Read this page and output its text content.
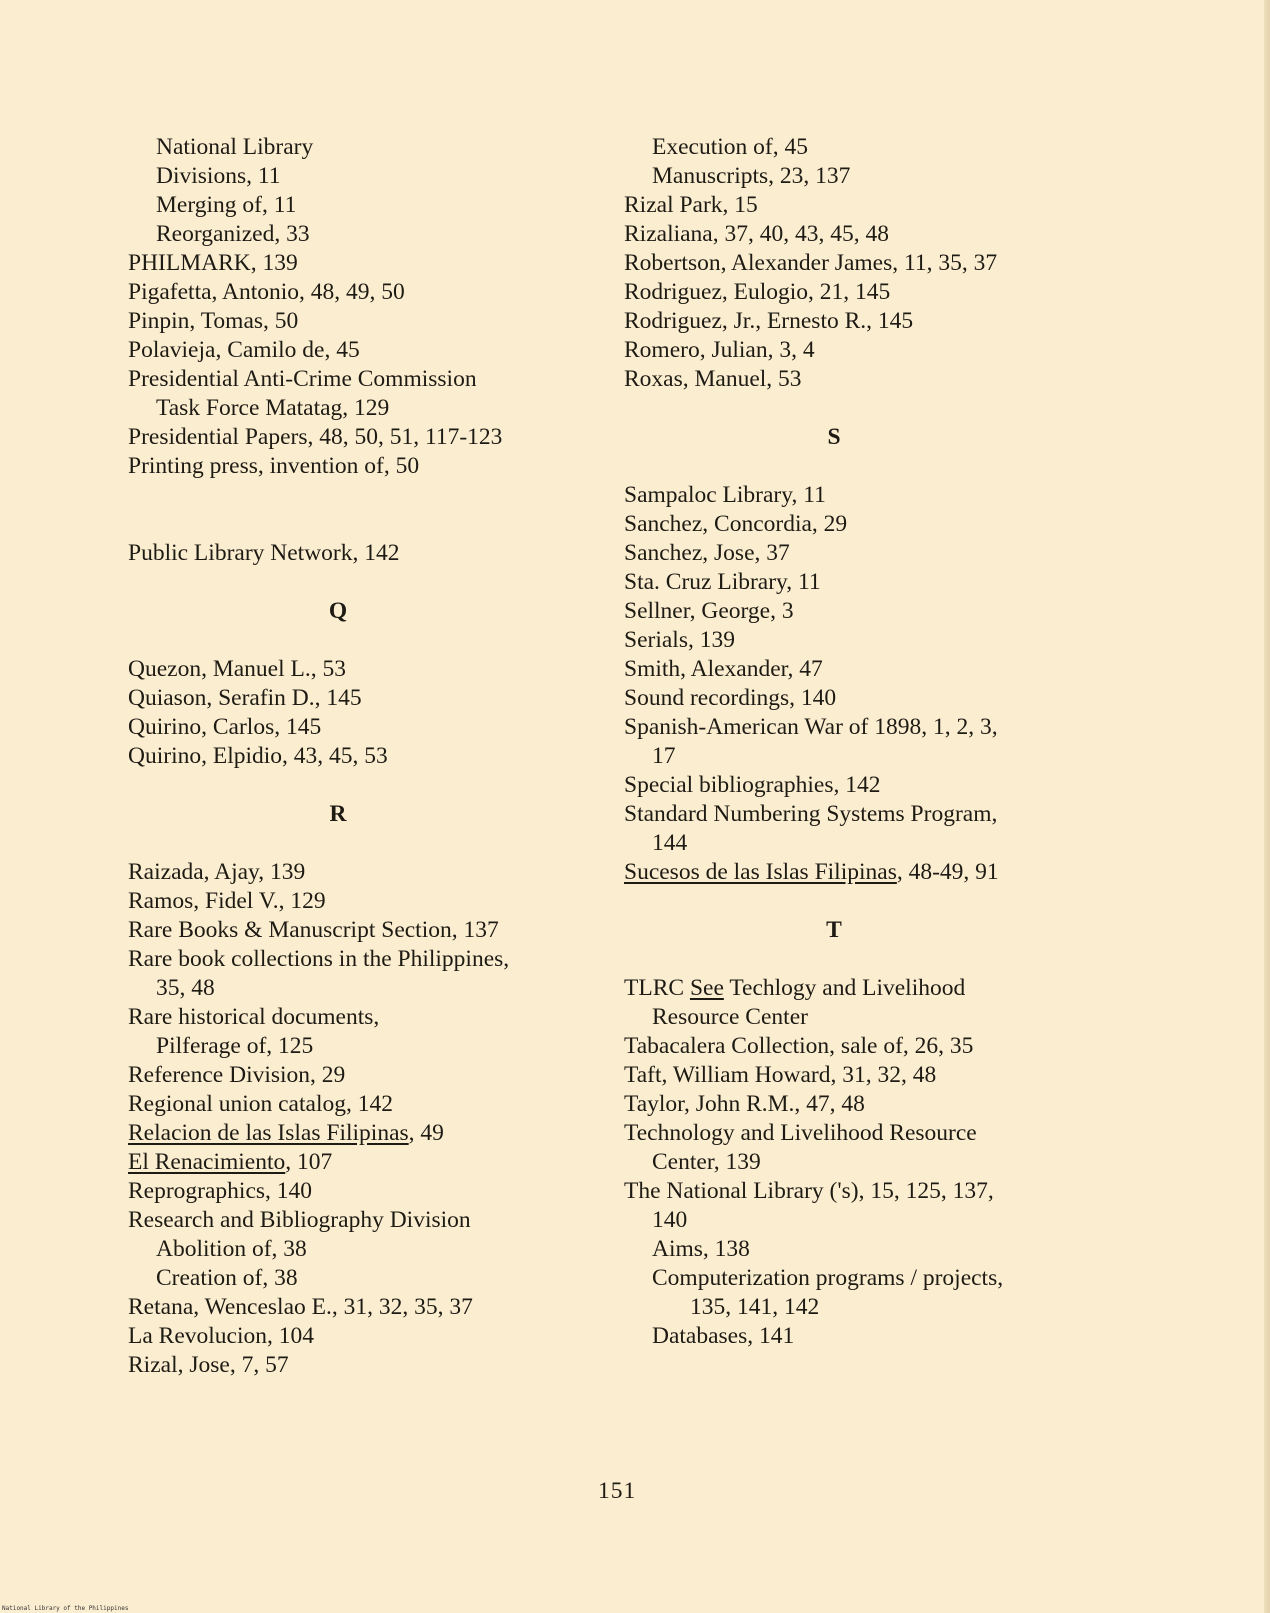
National Library
Divisions, 11
Merging of, 11
Reorganized, 33
PHILMARK, 139
Pigafetta, Antonio, 48, 49, 50
Pinpin, Tomas, 50
Polavieja, Camilo de, 45
Presidential Anti-Crime Commission
Task Force Matatag, 129
Presidential Papers, 48, 50, 51, 117-123
Printing press, invention of, 50
Public Library Network, 142
Q
Quezon, Manuel L., 53
Quiason, Serafin D., 145
Quirino, Carlos, 145
Quirino, Elpidio, 43, 45, 53
R
Raizada, Ajay, 139
Ramos, Fidel V., 129
Rare Books & Manuscript Section, 137
Rare book collections in the Philippines,
35, 48
Rare historical documents,
Pilferage of, 125
Reference Division, 29
Regional union catalog, 142
Relacion de las Islas Filipinas, 49
El Renacimiento, 107
Reprographics, 140
Research and Bibliography Division
Abolition of, 38
Creation of, 38
Retana, Wenceslao E., 31, 32, 35, 37
La Revolucion, 104
Rizal, Jose, 7, 57
Execution of, 45
Manuscripts, 23, 137
Rizal Park, 15
Rizaliana, 37, 40, 43, 45, 48
Robertson, Alexander James, 11, 35, 37
Rodriguez, Eulogio, 21, 145
Rodriguez, Jr., Ernesto R., 145
Romero, Julian, 3, 4
Roxas, Manuel, 53
S
Sampaloc Library, 11
Sanchez, Concordia, 29
Sanchez, Jose, 37
Sta. Cruz Library, 11
Sellner, George, 3
Serials, 139
Smith, Alexander, 47
Sound recordings, 140
Spanish-American War of 1898, 1, 2, 3,
17
Special bibliographies, 142
Standard Numbering Systems Program,
144
Sucesos de las Islas Filipinas, 48-49, 91
T
TLRC See Techlogy and Livelihood
Resource Center
Tabacalera Collection, sale of, 26, 35
Taft, William Howard, 31, 32, 48
Taylor, John R.M., 47, 48
Technology and Livelihood Resource
Center, 139
The National Library ('s), 15, 125, 137,
140
Aims, 138
Computerization programs / projects,
135, 141, 142
Databases, 141
151
National Library of the Philippines
